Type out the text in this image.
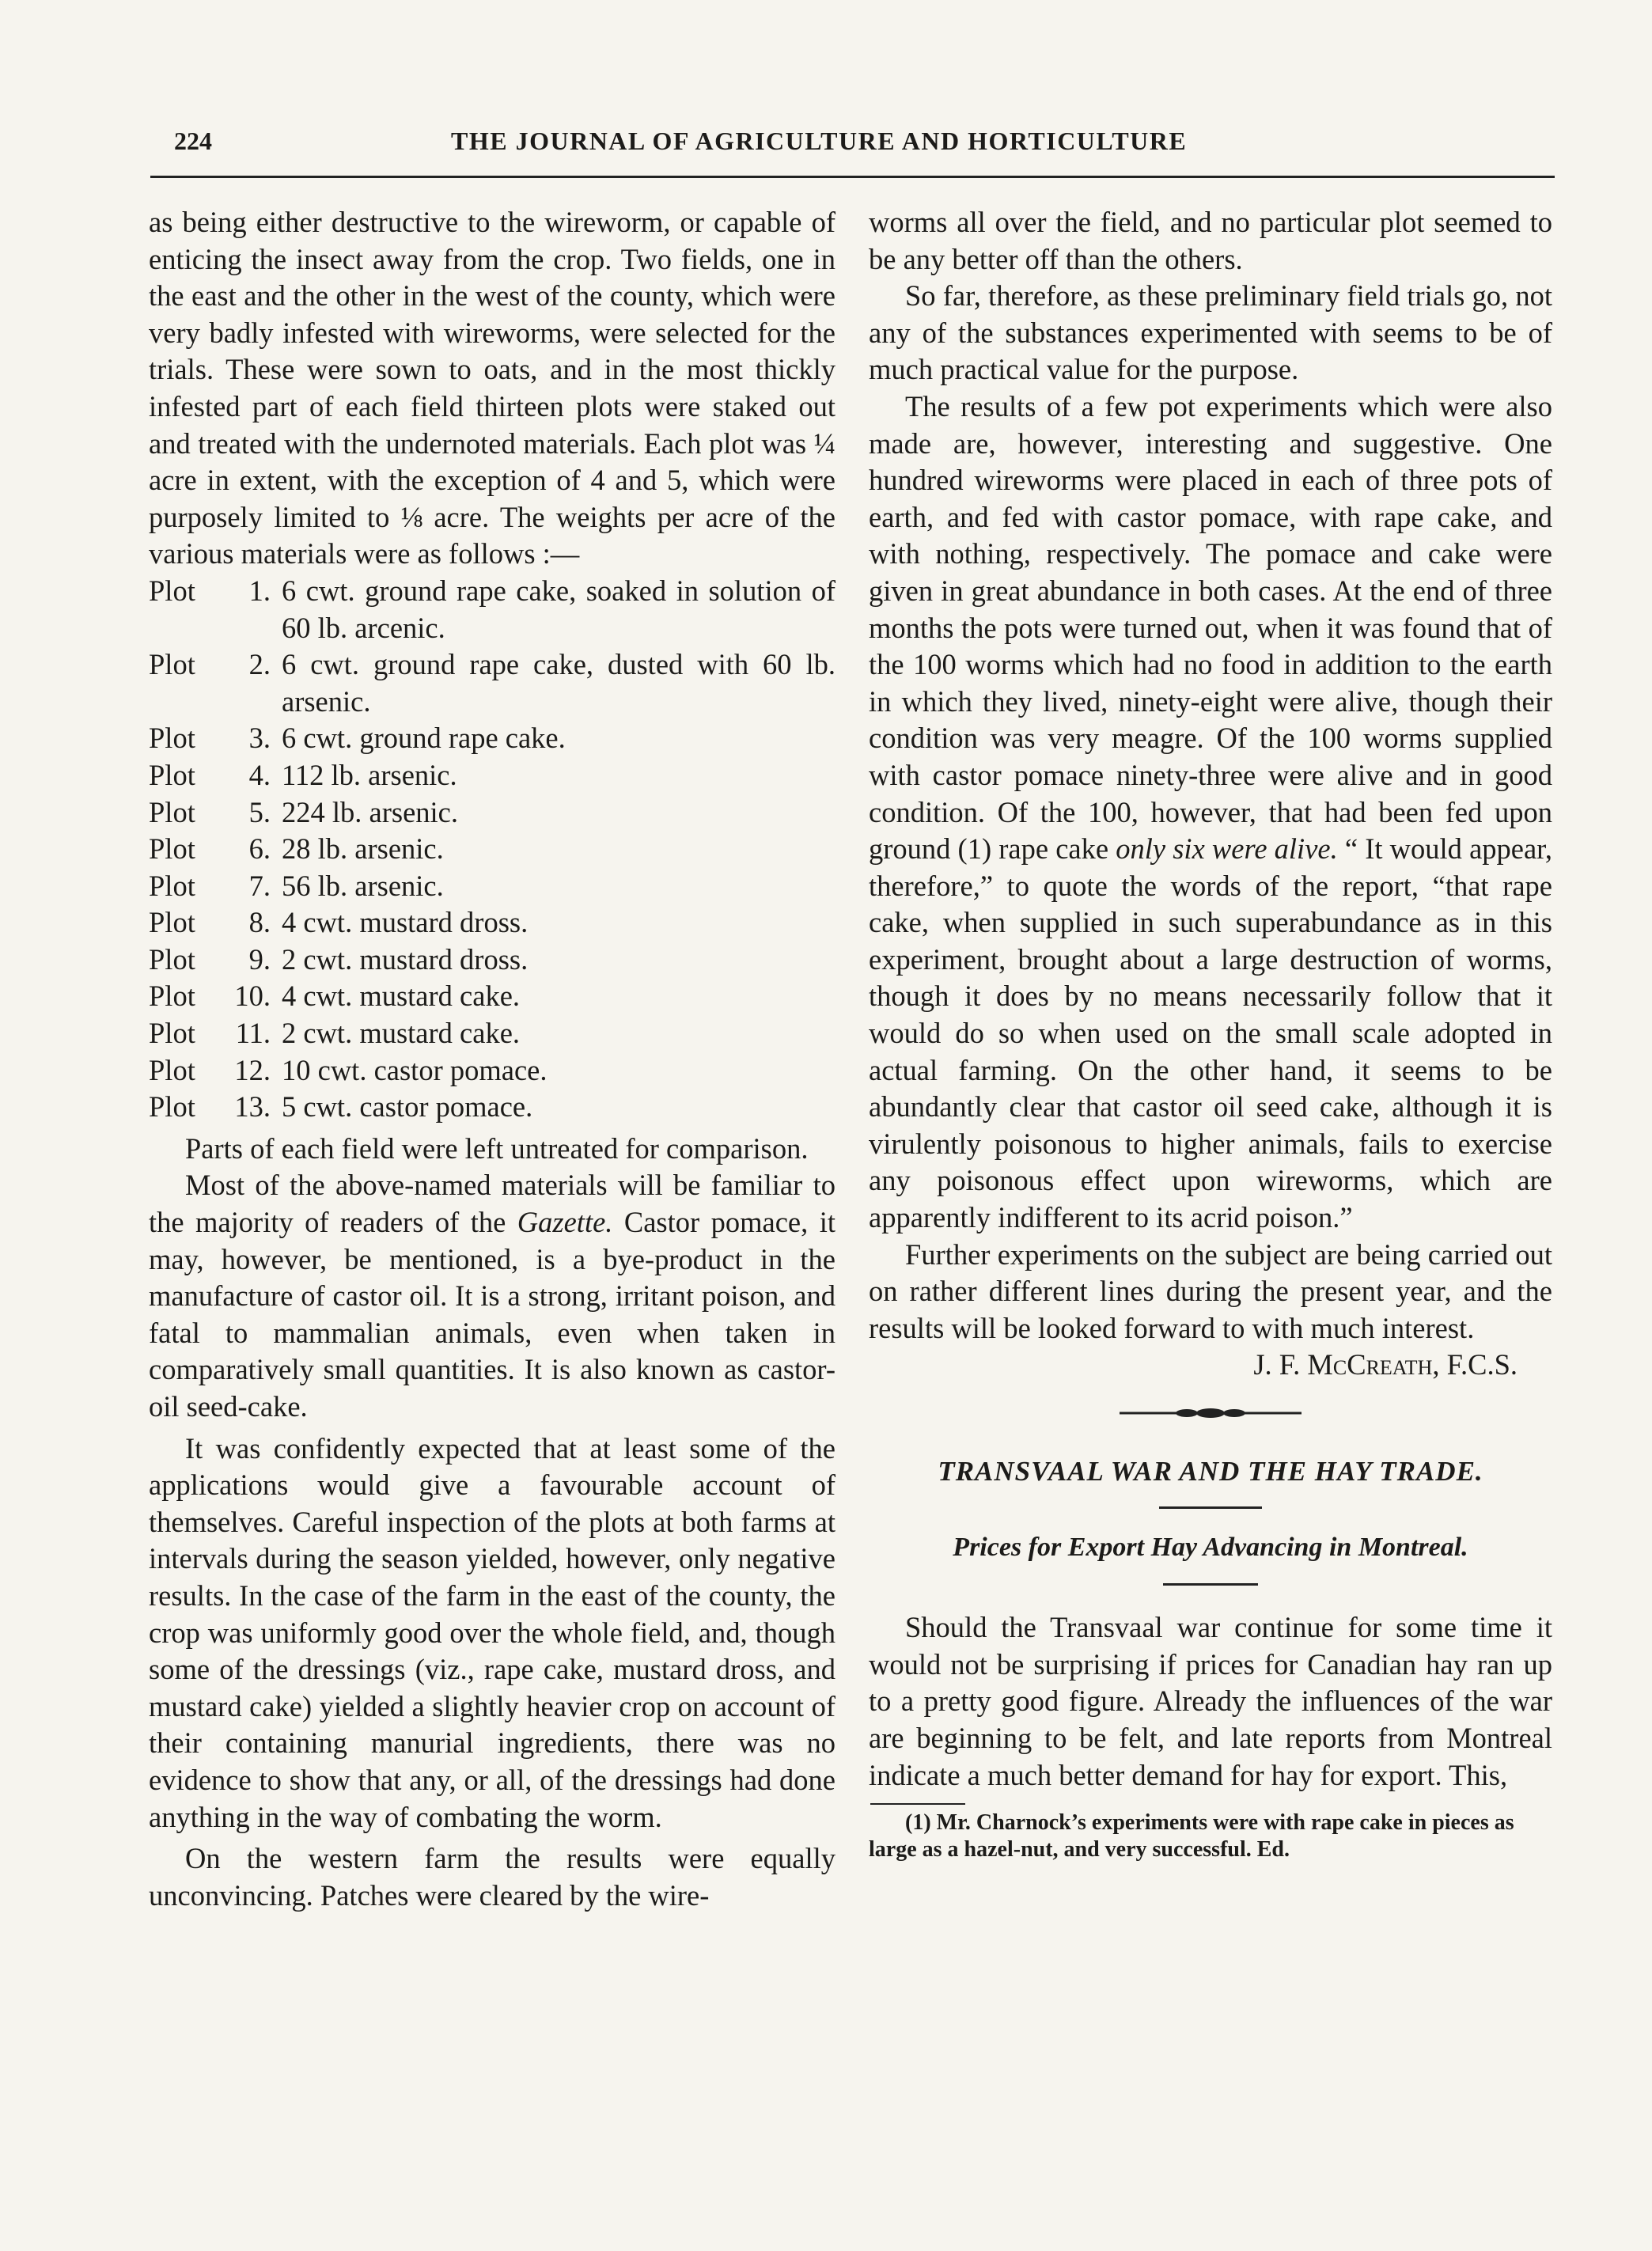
224	THE JOURNAL OF AGRICULTURE AND HORTICULTURE

as being either destructive to the wireworm, or capable of enticing the insect away from the crop. Two fields, one in the east and the other in the west of the county, which were very badly infested with wireworms, were selected for the trials. These were sown to oats, and in the most thickly infested part of each field thirteen plots were staked out and treated with the undernoted materials. Each plot was ¼ acre in extent, with the exception of 4 and 5, which were purposely limited to ⅛ acre. The weights per acre of the various materials were as follows :—

Plot	1. 6 cwt. ground rape cake, soaked in solution of 60 lb. arcenic.
Plot	2. 6 cwt. ground rape cake, dusted with 60 lb. arsenic.
Plot	3. 6 cwt. ground rape cake.
Plot	4. 112 lb. arsenic.
Plot	5. 224 lb. arsenic.
Plot	6. 28 lb. arsenic.
Plot	7. 56 lb. arsenic.
Plot	8. 4 cwt. mustard dross.
Plot	9. 2 cwt. mustard dross.
Plot	10. 4 cwt. mustard cake.
Plot	11. 2 cwt. mustard cake.
Plot	12. 10 cwt. castor pomace.
Plot	13. 5 cwt. castor pomace.

Parts of each field were left untreated for comparison.

Most of the above-named materials will be familiar to the majority of readers of the Gazette. Castor pomace, it may, however, be mentioned, is a bye-product in the manufacture of castor oil. It is a strong, irritant poison, and fatal to mammalian animals, even when taken in comparatively small quantities. It is also known as castor-oil seed-cake.

It was confidently expected that at least some of the applications would give a favourable account of themselves. Careful inspection of the plots at both farms at intervals during the season yielded, however, only negative results. In the case of the farm in the east of the county, the crop was uniformly good over the whole field, and, though some of the dressings (viz., rape cake, mustard dross, and mustard cake) yielded a slightly heavier crop on account of their containing manurial ingredients, there was no evidence to show that any, or all, of the dressings had done anything in the way of combating the worm.

On the western farm the results were equally unconvincing. Patches were cleared by the wire-

worms all over the field, and no particular plot seemed to be any better off than the others.

So far, therefore, as these preliminary field trials go, not any of the substances experimented with seems to be of much practical value for the purpose.

The results of a few pot experiments which were also made are, however, interesting and suggestive. One hundred wireworms were placed in each of three pots of earth, and fed with castor pomace, with rape cake, and with nothing, respectively. The pomace and cake were given in great abundance in both cases. At the end of three months the pots were turned out, when it was found that of the 100 worms which had no food in addition to the earth in which they lived, ninety-eight were alive, though their condition was very meagre. Of the 100 worms supplied with castor pomace ninety-three were alive and in good condition. Of the 100, however, that had been fed upon ground (1) rape cake only six were alive. “ It would appear, therefore,” to quote the words of the report, “that rape cake, when supplied in such superabundance as in this experiment, brought about a large destruction of worms, though it does by no means necessarily follow that it would do so when used on the small scale adopted in actual farming. On the other hand, it seems to be abundantly clear that castor oil seed cake, although it is virulently poisonous to higher animals, fails to exercise any poisonous effect upon wireworms, which are apparently indifferent to its acrid poison.”

Further experiments on the subject are being carried out on rather different lines during the present year, and the results will be looked forward to with much interest.

J. F. McCreath, F.C.S.

TRANSVAAL WAR AND THE HAY TRADE.

Prices for Export Hay Advancing in Montreal.

Should the Transvaal war continue for some time it would not be surprising if prices for Canadian hay ran up to a pretty good figure. Already the influences of the war are beginning to be felt, and late reports from Montreal indicate a much better demand for hay for export. This,

(1) Mr. Charnock’s experiments were with rape cake in pieces as large as a hazel-nut, and very successful. Ed.
